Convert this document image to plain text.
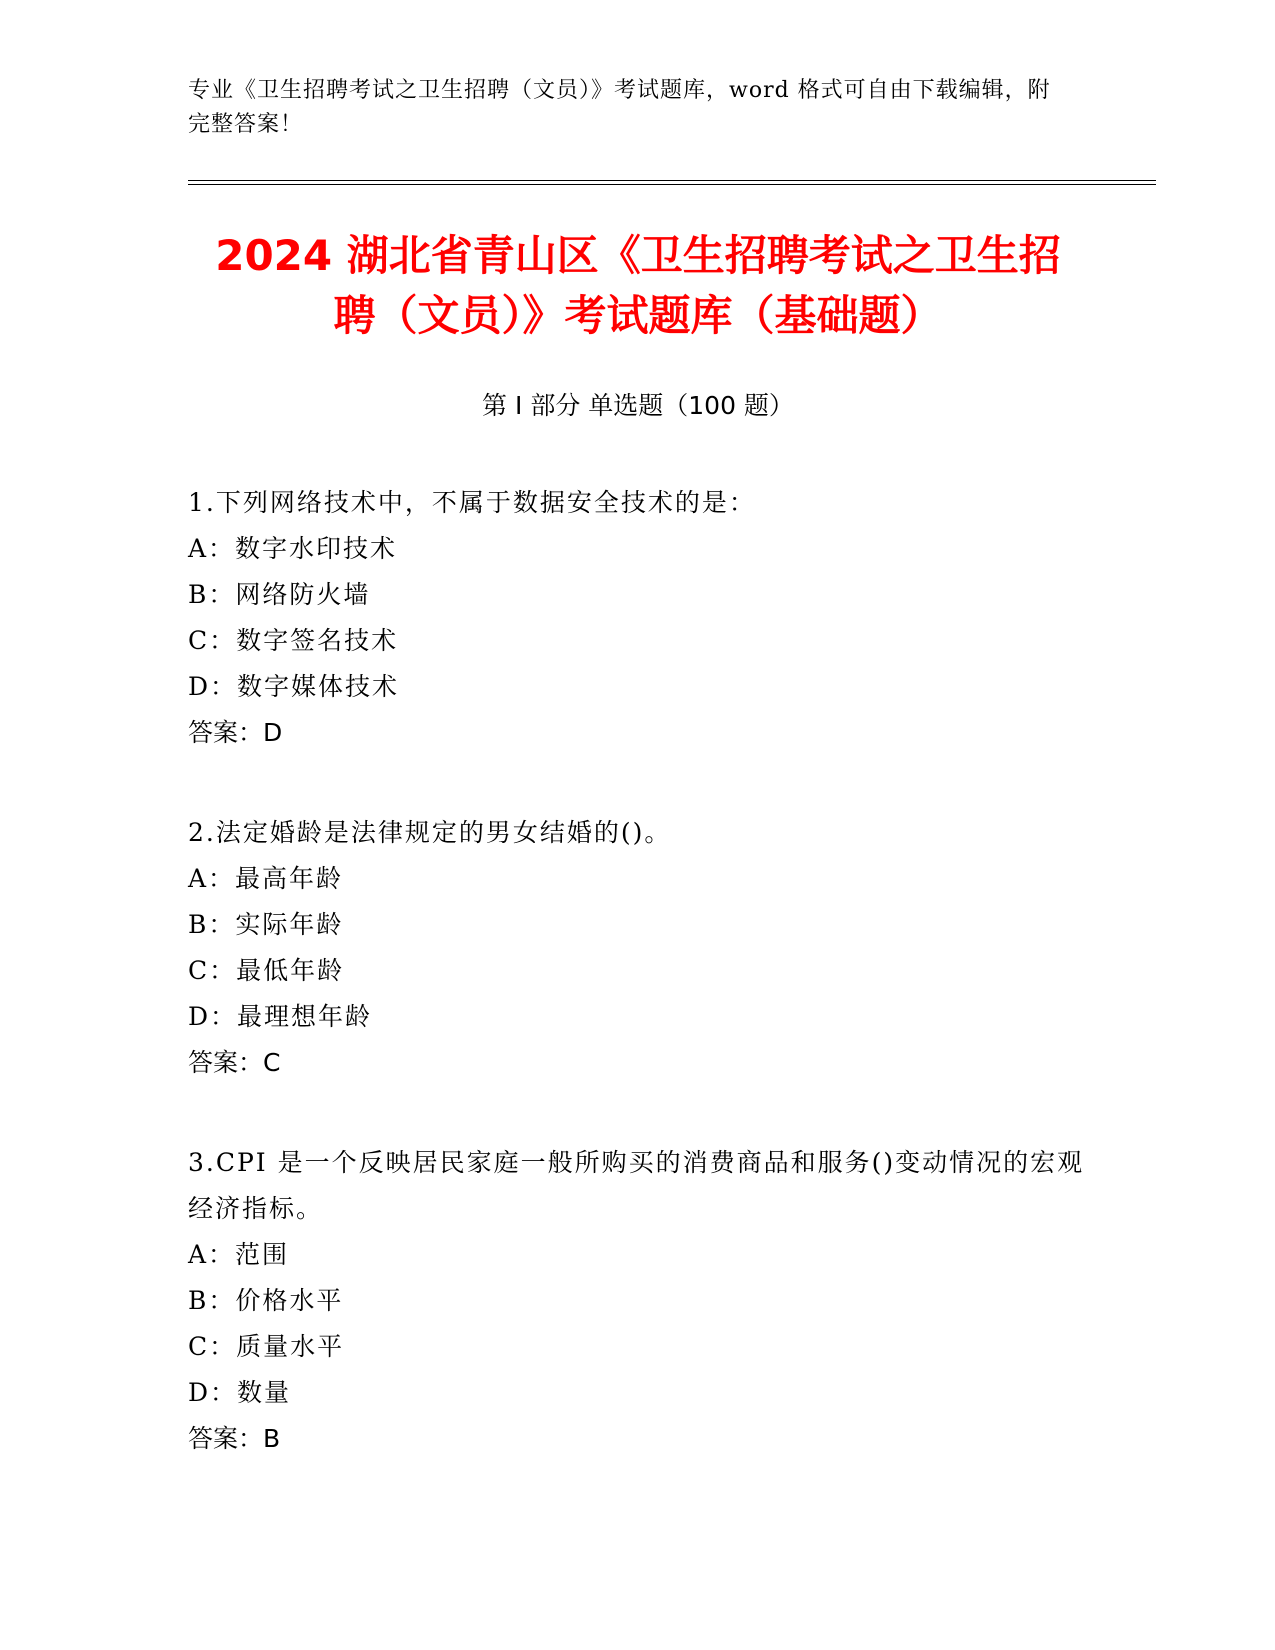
专业《卫生招聘考试之卫生招聘（文员）》考试题库，word 格式可自由下载编辑，附完整答案！
2024 湖北省青山区《卫生招聘考试之卫生招
聘（文员）》考试题库（基础题）
第 I 部分 单选题（100 题）

1.下列网络技术中，不属于数据安全技术的是：

A：数字水印技术

B：网络防火墙

C：数字签名技术

D：数字媒体技术

答案：D

2.法定婚龄是法律规定的男女结婚的()。

A：最高年龄

B：实际年龄

C：最低年龄

D：最理想年龄

答案：C

3.CPI 是一个反映居民家庭一般所购买的消费商品和服务()变动情况的宏观经济指标。

A：范围

B：价格水平

C：质量水平

D：数量

答案：B
